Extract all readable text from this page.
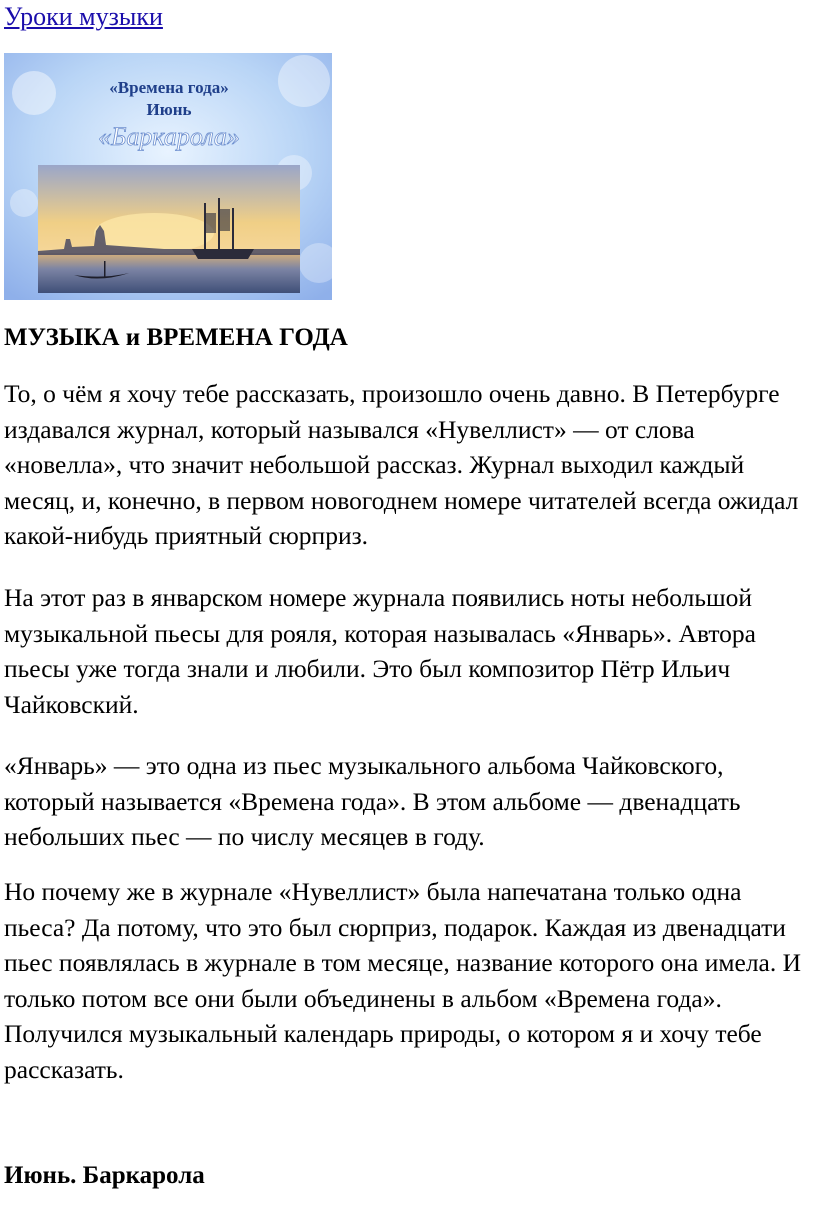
Уроки музыки
«Времена года»
Июнь
«Баркарола»
МУЗЫКА и ВРЕМЕНА ГОДА

То, о чём я хочу тебе рассказать, произошло очень давно. В Петербурге издавался журнал, который назывался «Нувеллист» — от слова «новелла», что значит небольшой рассказ. Журнал выходил каждый месяц, и, конечно, в первом новогоднем номере читателей всегда ожидал какой-нибудь приятный сюрприз.

На этот раз в январском номере журнала появились ноты небольшой музыкальной пьесы для рояля, которая называлась «Январь». Автора пьесы уже тогда знали и любили. Это был композитор Пётр Ильич Чайковский.

«Январь» — это одна из пьес музыкального альбома Чайковского, который называется «Времена года». В этом альбоме — двенадцать небольших пьес — по числу месяцев в году.

Но почему же в журнале «Нувеллист» была напечатана только одна пьеса? Да потому, что это был сюрприз, подарок. Каждая из двенадцати пьес появлялась в журнале в том месяце, название которого она имела. И только потом все они были объединены в альбом «Времена года». Получился музыкальный календарь природы, о котором я и хочу тебе рассказать.

Июнь. Баркарола
